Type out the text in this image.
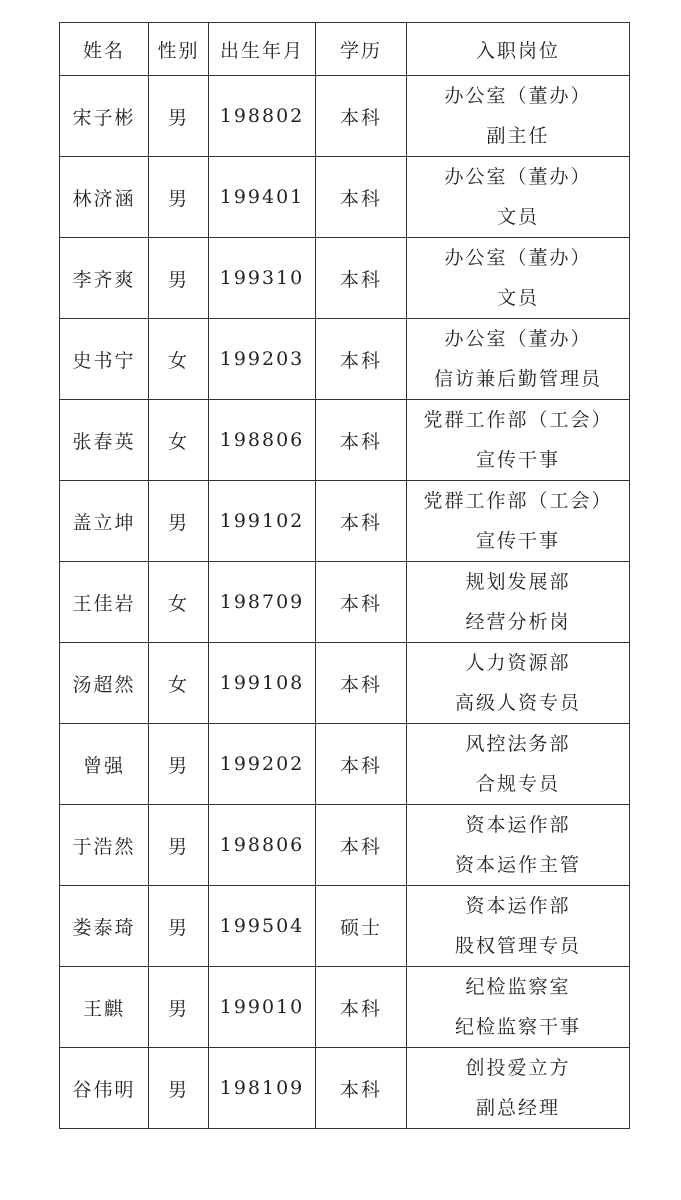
姓名	性别	出生年月	学历	入职岗位
宋子彬	男	198802	本科	办公室（董办）
副主任

林济涵	男	199401	本科	办公室（董办）
文员

李齐爽	男	199310	本科	办公室（董办）
文员

史书宁	女	199203	本科	办公室（董办）
信访兼后勤管理员

张春英	女	198806	本科	党群工作部（工会）
宣传干事

盖立坤	男	199102	本科	党群工作部（工会）
宣传干事

王佳岩	女	198709	本科	规划发展部
经营分析岗

汤超然	女	199108	本科	人力资源部
高级人资专员

曾强	男	199202	本科	风控法务部
合规专员

于浩然	男	198806	本科	资本运作部
资本运作主管

娄泰琦	男	199504	硕士	资本运作部
股权管理专员

王麒	男	199010	本科	纪检监察室
纪检监察干事

谷伟明	男	198109	本科	创投爱立方
副总经理
